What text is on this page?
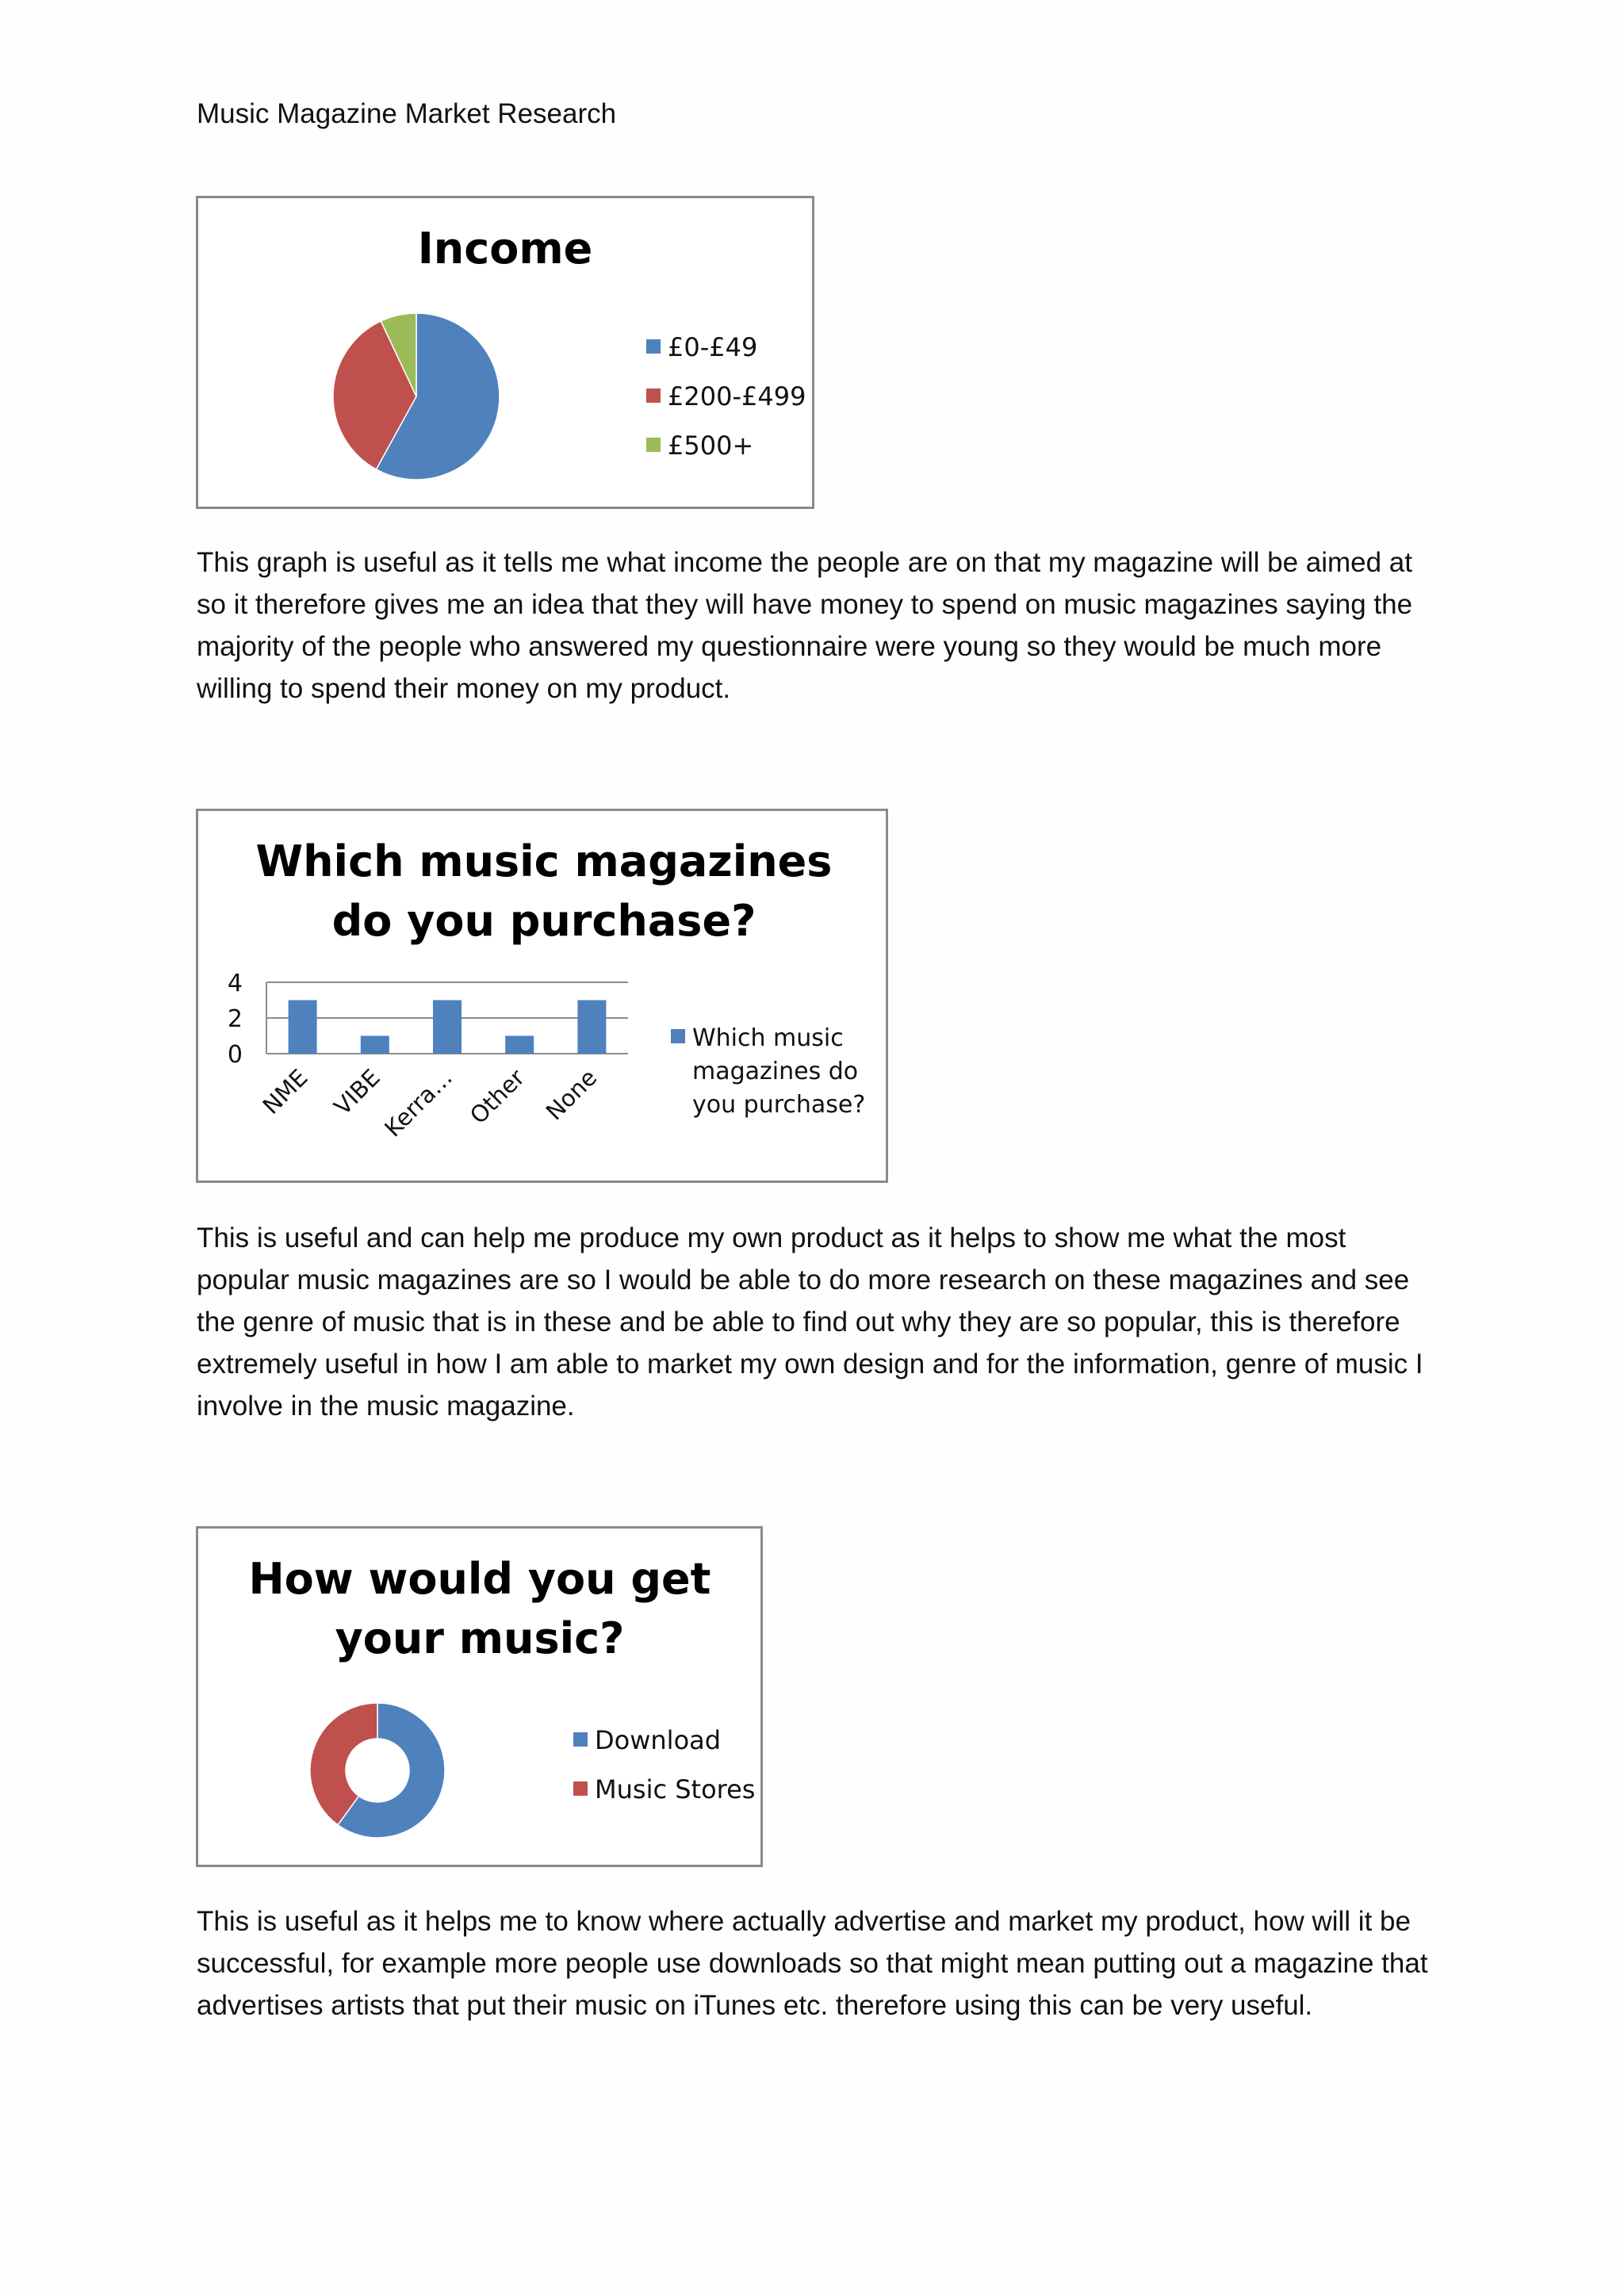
Music Magazine Market Research
Income
£0-£49
£200-£499
£500+

This graph is useful as it tells me what income the people are on that my magazine will be aimed at

so it therefore gives me an idea that they will have money to spend on music magazines saying the

majority of the people who answered my questionnaire were young so they would be much more

willing to spend their money on my product.

Which music magazines
do you purchase?
0
2
4
NME VIBE
Kerra… Other None
Which music
magazines do
you purchase?

This is useful and can help me produce my own product as it helps to show me what the most

popular music magazines are so I would be able to do more research on these magazines and see

the genre of music that is in these and be able to find out why they are so popular, this is therefore

extremely useful in how I am able to market my own design and for the information, genre of music I

involve in the music magazine.

How would you get
your music?
Download
Music Stores

This is useful as it helps me to know where actually advertise and market my product, how will it be

successful, for example more people use downloads so that might mean putting out a magazine that

advertises artists that put their music on iTunes etc. therefore using this can be very useful.
